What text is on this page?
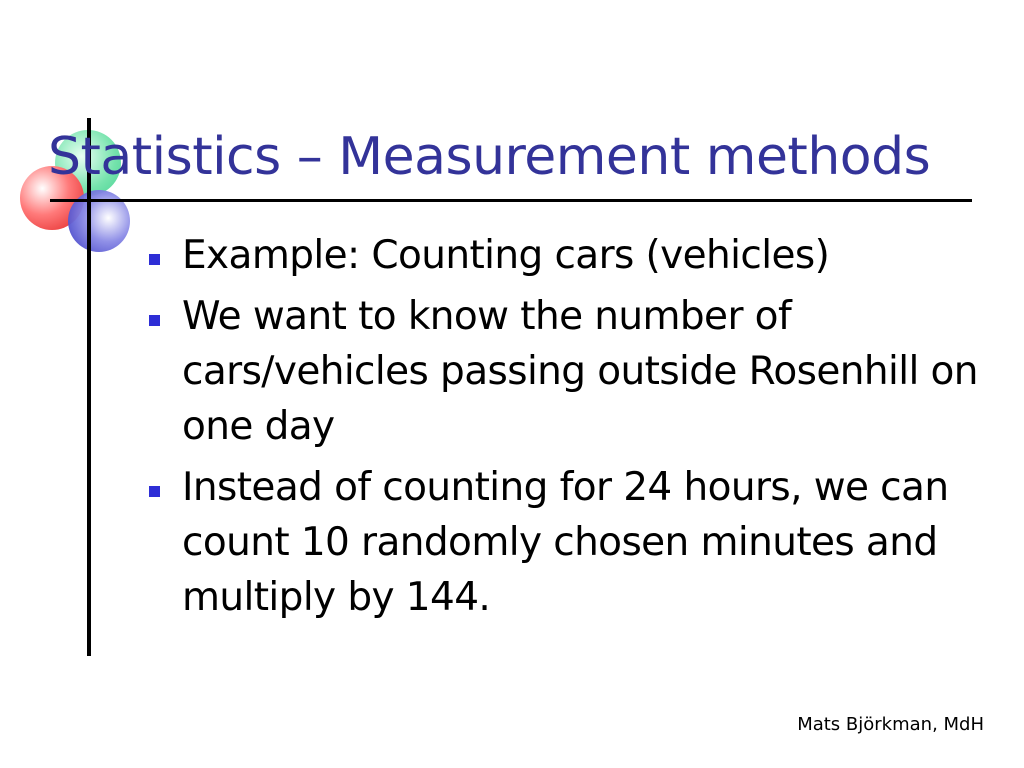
Statistics – Measurement methods
Example: Counting cars (vehicles)
We want to know the number of cars/vehicles passing outside Rosenhill on one day
Instead of counting for 24 hours, we can count 10 randomly chosen minutes and multiply by 144.
Mats Björkman, MdH
